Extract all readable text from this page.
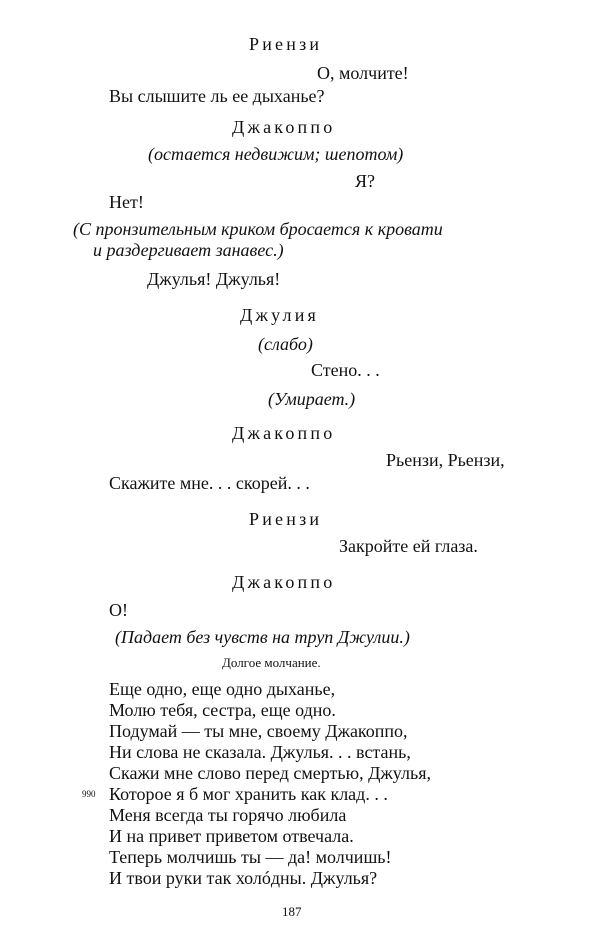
Риензи
О, молчите!
Вы слышите ль ее дыханье?
Джакоппо
(остается недвижим; шепотом)
Я?
Нет!
(С пронзительным криком бросается к кровати
и раздергивает занавес.)
Джулья! Джулья!
Джулия
(слабо)
Стено. . .
(Умирает.)
Джакоппо
Рьензи, Рьензи,
Скажите мне. . . скорей. . .
Риензи
Закройте ей глаза.
Джакоппо
О!
(Падает без чувств на труп Джулии.)
Долгое молчание.
Еще одно, еще одно дыханье,
Молю тебя, сестра, еще одно.
Подумай — ты мне, своему Джакоппо,
Ни слова не сказала. Джулья. . . встань,
Скажи мне слово перед смертью, Джулья,
990 Которое я б мог хранить как клад. . .
Меня всегда ты горячо любила
И на привет приветом отвечала.
Теперь молчишь ты — да! молчишь!
И твои руки так холóдны. Джулья?
187
